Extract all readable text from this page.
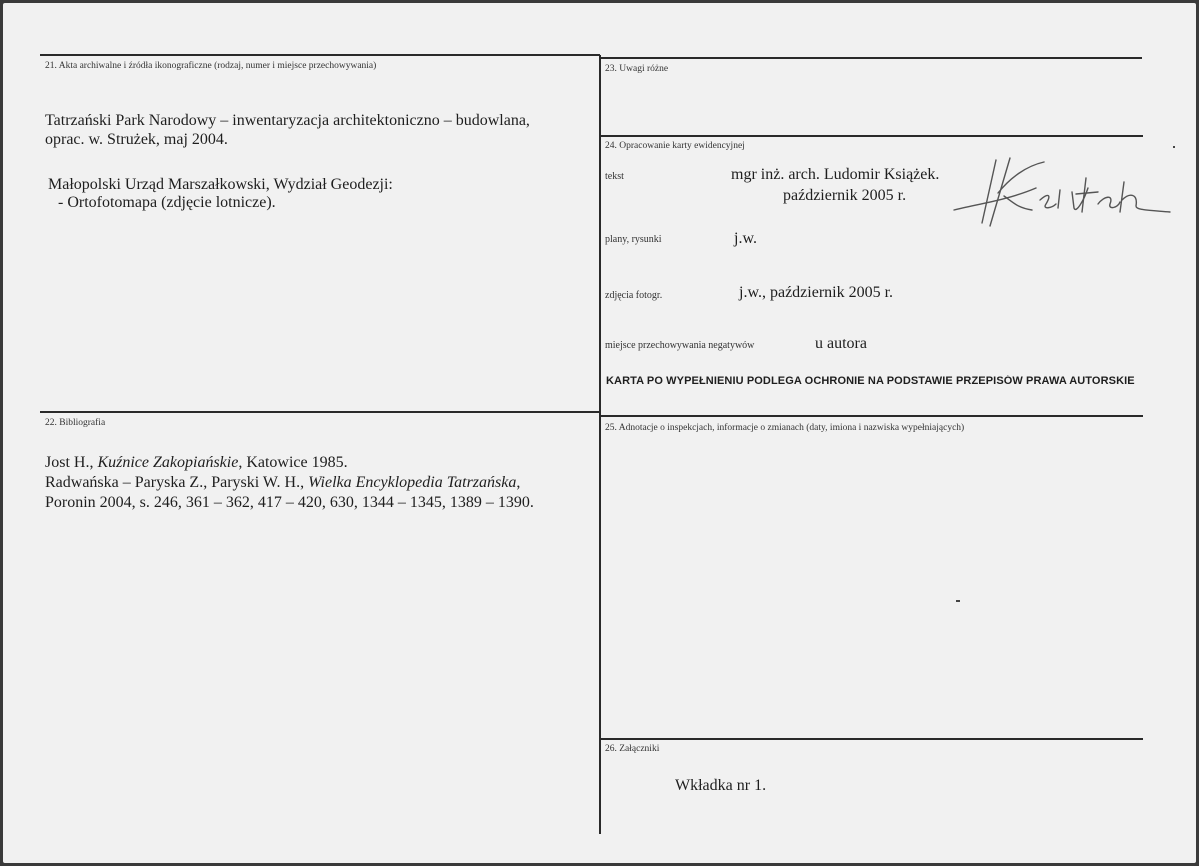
21. Akta archiwalne i źródła ikonograficzne (rodzaj, numer i miejsce przechowywania)
Tatrzański Park Narodowy – inwentaryzacja architektoniczno – budowlana,
oprac. w. Strużek, maj 2004.
Małopolski Urząd Marszałkowski, Wydział Geodezji:
- Ortofotomapa (zdjęcie lotnicze).
22. Bibliografia
Jost H., Kuźnice Zakopiańskie, Katowice 1985.
Radwańska – Paryska Z., Paryski W. H., Wielka Encyklopedia Tatrzańska,
Poronin 2004, s. 246, 361 – 362, 417 – 420, 630, 1344 – 1345, 1389 – 1390.
23. Uwagi różne
24. Opracowanie karty ewidencyjnej
tekst	mgr inż. arch. Ludomir Książek.
październik 2005 r.
plany, rysunki	j.w.
zdjęcia fotogr.	j.w., październik 2005 r.
miejsce przechowywania negatywów	u autora
KARTA PO WYPEŁNIENIU PODLEGA OCHRONIE NA PODSTAWIE PRZEPISÓW PRAWA AUTORSKIE
25. Adnotacje o inspekcjach, informacje o zmianach (daty, imiona i nazwiska wypełniających)
26. Załączniki
Wkładka nr 1.
